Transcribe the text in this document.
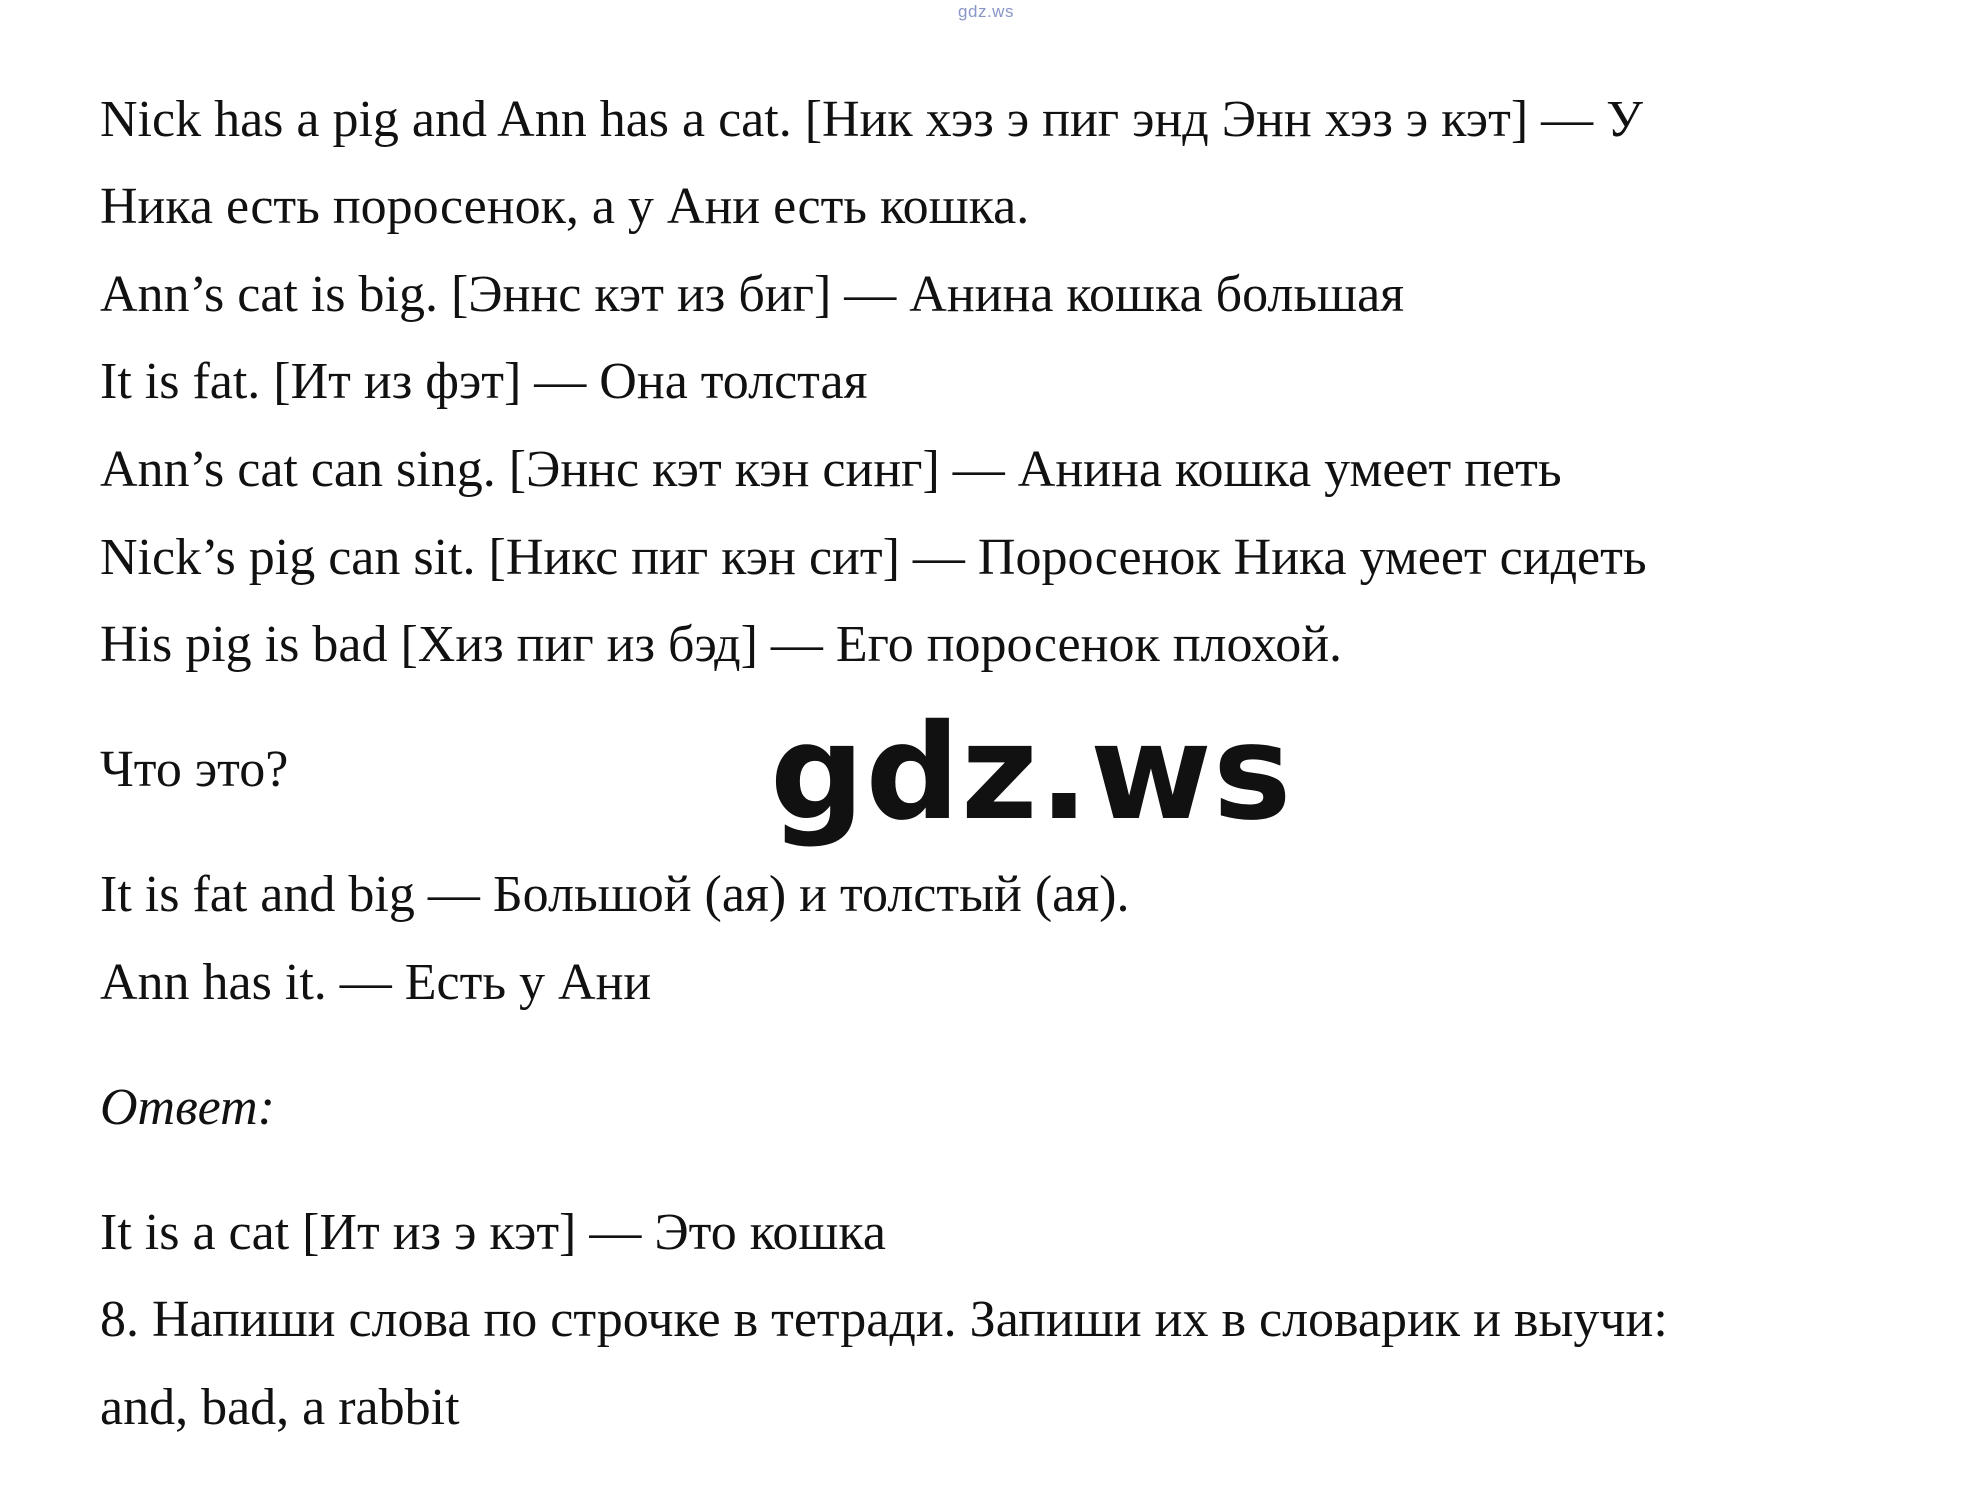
gdz.ws
Nick has a pig and Ann has a cat. [Ник хэз э пиг энд Энн хэз э кэт] — У
Ника есть поросенок, а у Ани есть кошка.
Ann’s cat is big. [Эннс кэт из биг] — Анина кошка большая
It is fat. [Ит из фэт] — Она толстая
Ann’s cat can sing. [Эннс кэт кэн синг] — Анина кошка умеет петь
Nick’s pig can sit. [Никс пиг кэн сит] — Поросенок Ника умеет сидеть
His pig is bad [Хиз пиг из бэд] — Его поросенок плохой.
Что это?	gdz.ws
It is fat and big — Большой (ая) и толстый (ая).
Ann has it. — Есть у Ани
Ответ:
It is a cat [Ит из э кэт] — Это кошка
8. Напиши слова по строчке в тетради. Запиши их в словарик и выучи:
and, bad, a rabbit
